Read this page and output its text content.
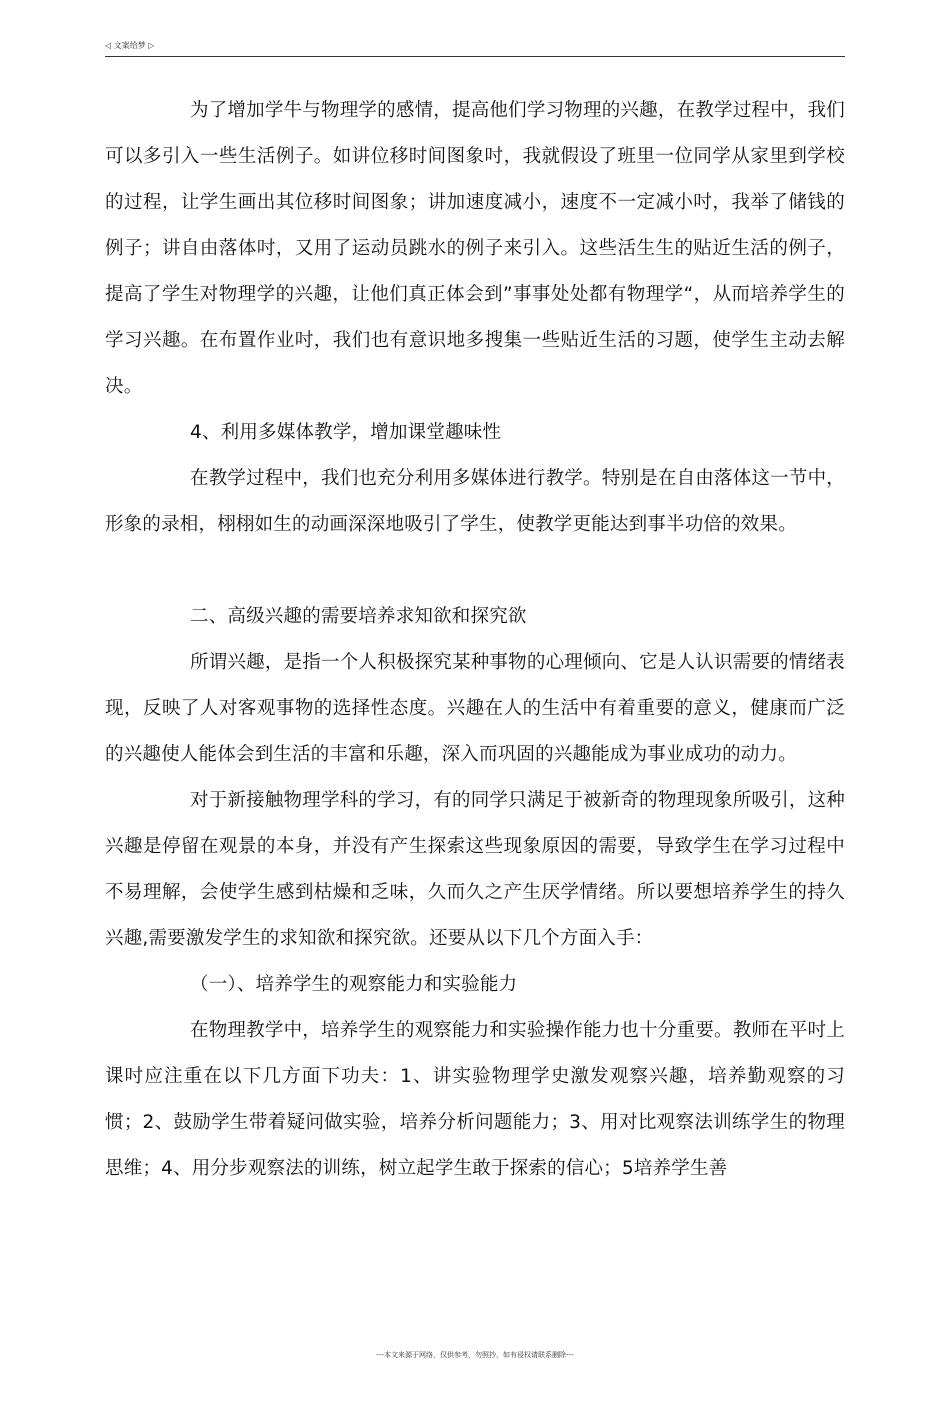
◁ 文案给梦 ▷

为了增加学牛与物理学的感情，提高他们学习物理的兴趣，在教学过程中，我们可以多引入一些生活例子。如讲位移时间图象吋，我就假设了班里一位同学从家里到学校的过程，让学生画出其位移时间图象；讲加速度减小，速度不一定减小吋，我举了储钱的例子；讲自由落体吋，又用了运动员跳水的例子来引入。这些活生生的贴近生活的例子，提高了学生对物理学的兴趣，让他们真正体会到”事事处处都有物理学“，从而培养学生的学习兴趣。在布置作业吋，我们也有意识地多搜集一些贴近生活的习题，使学生主动去解决。

4、利用多媒体教学，增加课堂趣味性

在教学过程中，我们也充分利用多媒体进行教学。特别是在自由落体这一节中，形象的录相，栩栩如生的动画深深地吸引了学生，使教学更能达到事半功倍的效果。

二、高级兴趣的需要培养求知欲和探究欲

所谓兴趣，是指一个人积极探究某种事物的心理倾向、它是人认识需要的情绪表现，反映了人对客观事物的选择性态度。兴趣在人的生活中有着重要的意义，健康而广泛的兴趣使人能体会到生活的丰富和乐趣，深入而巩固的兴趣能成为事业成功的动力。

对于新接触物理学科的学习，有的同学只满足于被新奇的物理现象所吸引，这种兴趣是停留在观景的本身，并没有产生探索这些现象原因的需要，导致学生在学习过程中不易理解，会使学生感到枯燥和乏味，久而久之产生厌学情绪。所以要想培养学生的持久兴趣,需要激发学生的求知欲和探究欲。还要从以下几个方面入手：

（一）、培养学生的观察能力和实验能力

在物理教学中，培养学生的观察能力和实验操作能力也十分重要。教师在平吋上课吋应注重在以下几方面下功夫：1、讲实验物理学史激发观察兴趣，培养勤观察的习惯；2、鼓励学生带着疑问做实验，培养分析问题能力；3、用对比观察法训练学生的物理思维；4、用分步观察法的训练，树立起学生敢于探索的信心；5培养学生善

---本文来源于网络，仅供参考，勿照抄，如有侵权请联系删除---
